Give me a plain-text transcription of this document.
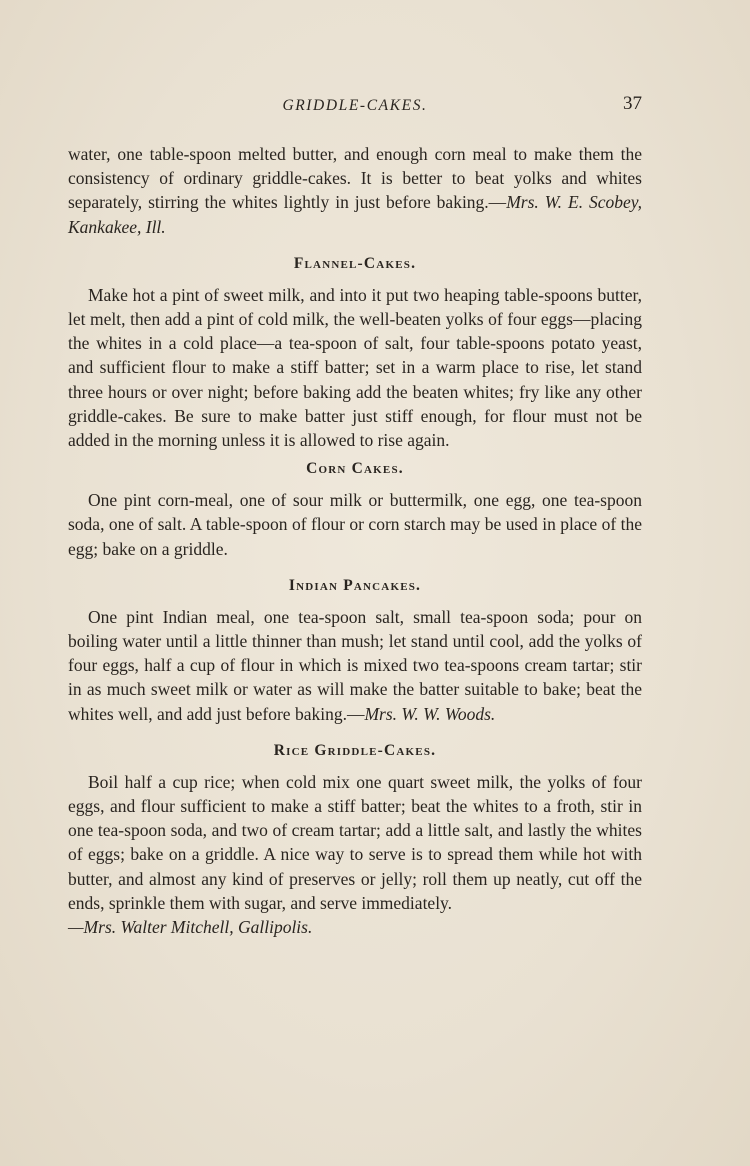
GRIDDLE-CAKES.	37

water, one table-spoon melted butter, and enough corn meal to make them the consistency of ordinary griddle-cakes. It is better to beat yolks and whites separately, stirring the whites lightly in just before baking.—Mrs. W. E. Scobey, Kankakee, Ill.

Flannel-Cakes.

Make hot a pint of sweet milk, and into it put two heaping table-spoons butter, let melt, then add a pint of cold milk, the well-beaten yolks of four eggs—placing the whites in a cold place—a tea-spoon of salt, four table-spoons potato yeast, and sufficient flour to make a stiff batter; set in a warm place to rise, let stand three hours or over night; before baking add the beaten whites; fry like any other griddle-cakes. Be sure to make batter just stiff enough, for flour must not be added in the morning unless it is allowed to rise again.

Corn Cakes.

One pint corn-meal, one of sour milk or buttermilk, one egg, one tea-spoon soda, one of salt. A table-spoon of flour or corn starch may be used in place of the egg; bake on a griddle.

Indian Pancakes.

One pint Indian meal, one tea-spoon salt, small tea-spoon soda; pour on boiling water until a little thinner than mush; let stand until cool, add the yolks of four eggs, half a cup of flour in which is mixed two tea-spoons cream tartar; stir in as much sweet milk or water as will make the batter suitable to bake; beat the whites well, and add just before baking.—Mrs. W. W. Woods.

Rice Griddle-Cakes.

Boil half a cup rice; when cold mix one quart sweet milk, the yolks of four eggs, and flour sufficient to make a stiff batter; beat the whites to a froth, stir in one tea-spoon soda, and two of cream tartar; add a little salt, and lastly the whites of eggs; bake on a griddle. A nice way to serve is to spread them while hot with butter, and almost any kind of preserves or jelly; roll them up neatly, cut off the ends, sprinkle them with sugar, and serve immediately.

—Mrs. Walter Mitchell, Gallipolis.
